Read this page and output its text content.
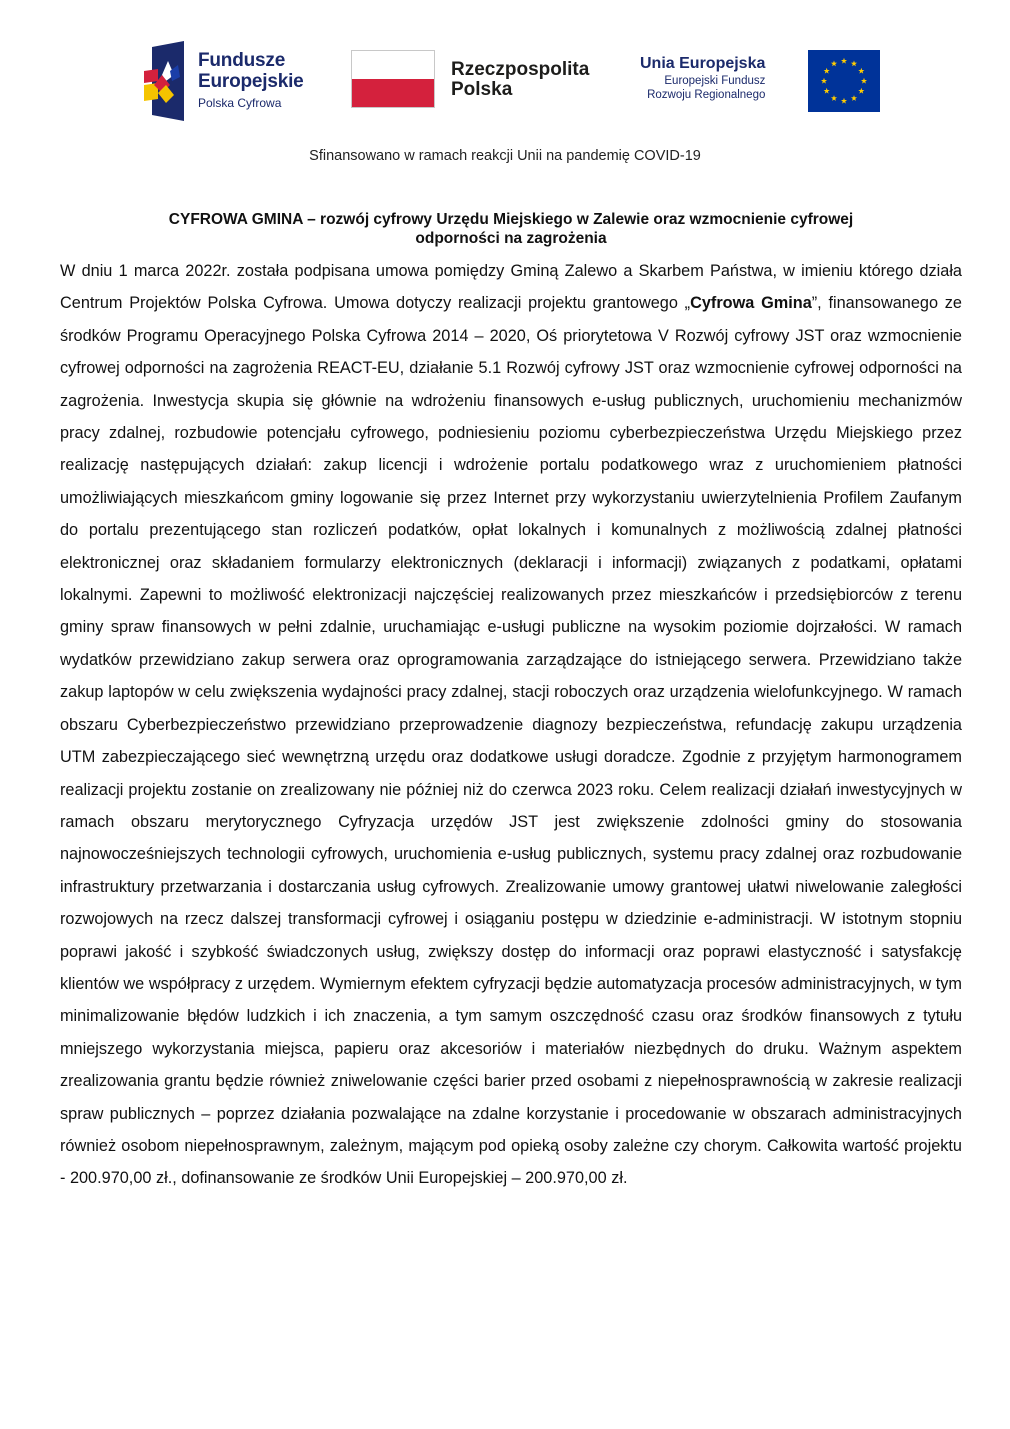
Fundusze
Europejskie
Polska Cyfrowa
Rzeczpospolita
Polska
Unia Europejska
Europejski Fundusz
Rozwoju Regionalnego
Sfinansowano w ramach reakcji Unii na pandemię COVID-19
CYFROWA GMINA – rozwój cyfrowy Urzędu Miejskiego w Zalewie oraz wzmocnienie cyfrowej
odporności na zagrożenia

W dniu 1 marca 2022r. została podpisana umowa pomiędzy Gminą Zalewo a Skarbem Państwa, w imieniu którego działa Centrum Projektów Polska Cyfrowa. Umowa dotyczy realizacji projektu grantowego „Cyfrowa Gmina”, finansowanego ze środków Programu Operacyjnego Polska Cyfrowa 2014 – 2020, Oś priorytetowa V Rozwój cyfrowy JST oraz wzmocnienie cyfrowej odporności na zagrożenia REACT-EU, działanie 5.1 Rozwój cyfrowy JST oraz wzmocnienie cyfrowej odporności na zagrożenia. Inwestycja skupia się głównie na wdrożeniu finansowych e-usług publicznych, uruchomieniu mechanizmów pracy zdalnej, rozbudowie potencjału cyfrowego, podniesieniu poziomu cyberbezpieczeństwa Urzędu Miejskiego przez realizację następujących działań: zakup licencji i wdrożenie portalu podatkowego wraz z uruchomieniem płatności umożliwiających mieszkańcom gminy logowanie się przez Internet przy wykorzystaniu uwierzytelnienia Profilem Zaufanym do portalu prezentującego stan rozliczeń podatków, opłat lokalnych i komunalnych z możliwością zdalnej płatności elektronicznej oraz składaniem formularzy elektronicznych (deklaracji i informacji) związanych z podatkami, opłatami lokalnymi. Zapewni to możliwość elektronizacji najczęściej realizowanych przez mieszkańców i przedsiębiorców z terenu gminy spraw finansowych w pełni zdalnie, uruchamiając e-usługi publiczne na wysokim poziomie dojrzałości. W ramach wydatków przewidziano zakup serwera oraz oprogramowania zarządzające do istniejącego serwera. Przewidziano także zakup laptopów w celu zwiększenia wydajności pracy zdalnej, stacji roboczych oraz urządzenia wielofunkcyjnego. W ramach obszaru Cyberbezpieczeństwo przewidziano przeprowadzenie diagnozy bezpieczeństwa, refundację zakupu urządzenia UTM zabezpieczającego sieć wewnętrzną urzędu oraz dodatkowe usługi doradcze. Zgodnie z przyjętym harmonogramem realizacji projektu zostanie on zrealizowany nie później niż do czerwca 2023 roku. Celem realizacji działań inwestycyjnych w ramach obszaru merytorycznego Cyfryzacja urzędów JST jest zwiększenie zdolności gminy do stosowania najnowocześniejszych technologii cyfrowych, uruchomienia e-usług publicznych, systemu pracy zdalnej oraz rozbudowanie infrastruktury przetwarzania i dostarczania usług cyfrowych. Zrealizowanie umowy grantowej ułatwi niwelowanie zaległości rozwojowych na rzecz dalszej transformacji cyfrowej i osiąganiu postępu w dziedzinie e-administracji. W istotnym stopniu poprawi jakość i szybkość świadczonych usług, zwiększy dostęp do informacji oraz poprawi elastyczność i satysfakcję klientów we współpracy z urzędem. Wymiernym efektem cyfryzacji będzie automatyzacja procesów administracyjnych, w tym minimalizowanie błędów ludzkich i ich znaczenia, a tym samym oszczędność czasu oraz środków finansowych z tytułu mniejszego wykorzystania miejsca, papieru oraz akcesoriów i materiałów niezbędnych do druku. Ważnym aspektem zrealizowania grantu będzie również zniwelowanie części barier przed osobami z niepełnosprawnością w zakresie realizacji spraw publicznych – poprzez działania pozwalające na zdalne korzystanie i procedowanie w obszarach administracyjnych również osobom niepełnosprawnym, zależnym, mającym pod opieką osoby zależne czy chorym. Całkowita wartość projektu - 200.970,00 zł., dofinansowanie ze środków Unii Europejskiej – 200.970,00 zł.
